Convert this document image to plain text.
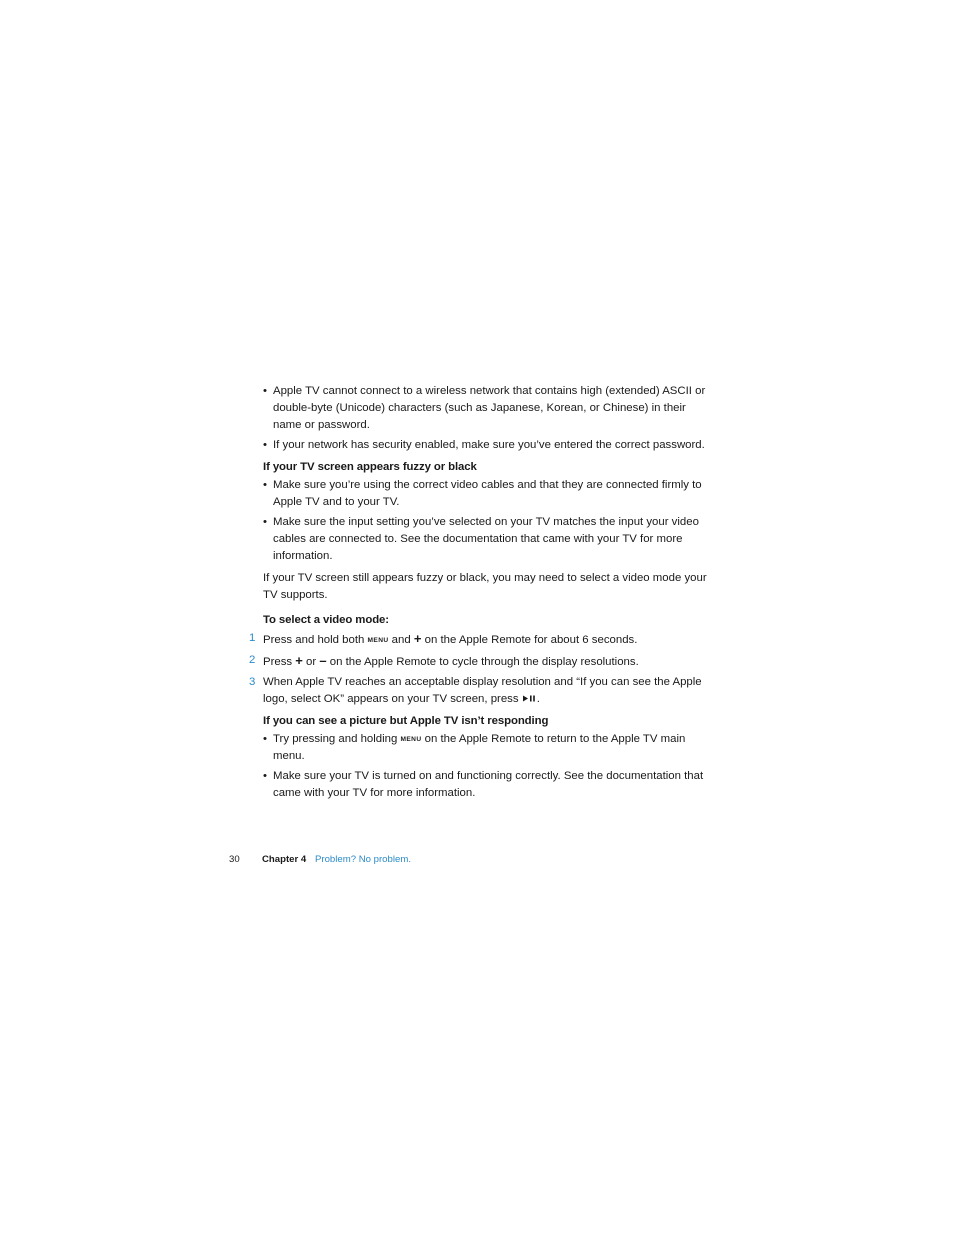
• Apple TV cannot connect to a wireless network that contains high (extended) ASCII or double-byte (Unicode) characters (such as Japanese, Korean, or Chinese) in their name or password.
• If your network has security enabled, make sure you’ve entered the correct password.
If your TV screen appears fuzzy or black
• Make sure you’re using the correct video cables and that they are connected firmly to Apple TV and to your TV.
• Make sure the input setting you’ve selected on your TV matches the input your video cables are connected to. See the documentation that came with your TV for more information.

If your TV screen still appears fuzzy or black, you may need to select a video mode your TV supports.

To select a video mode:
1 Press and hold both MENU and + on the Apple Remote for about 6 seconds.
2 Press + or – on the Apple Remote to cycle through the display resolutions.
3 When Apple TV reaches an acceptable display resolution and “If you can see the Apple logo, select OK” appears on your TV screen, press .
If you can see a picture but Apple TV isn’t responding
• Try pressing and holding MENU on the Apple Remote to return to the Apple TV main menu.
• Make sure your TV is turned on and functioning correctly. See the documentation that came with your TV for more information.
30 Chapter 4 Problem? No problem.
